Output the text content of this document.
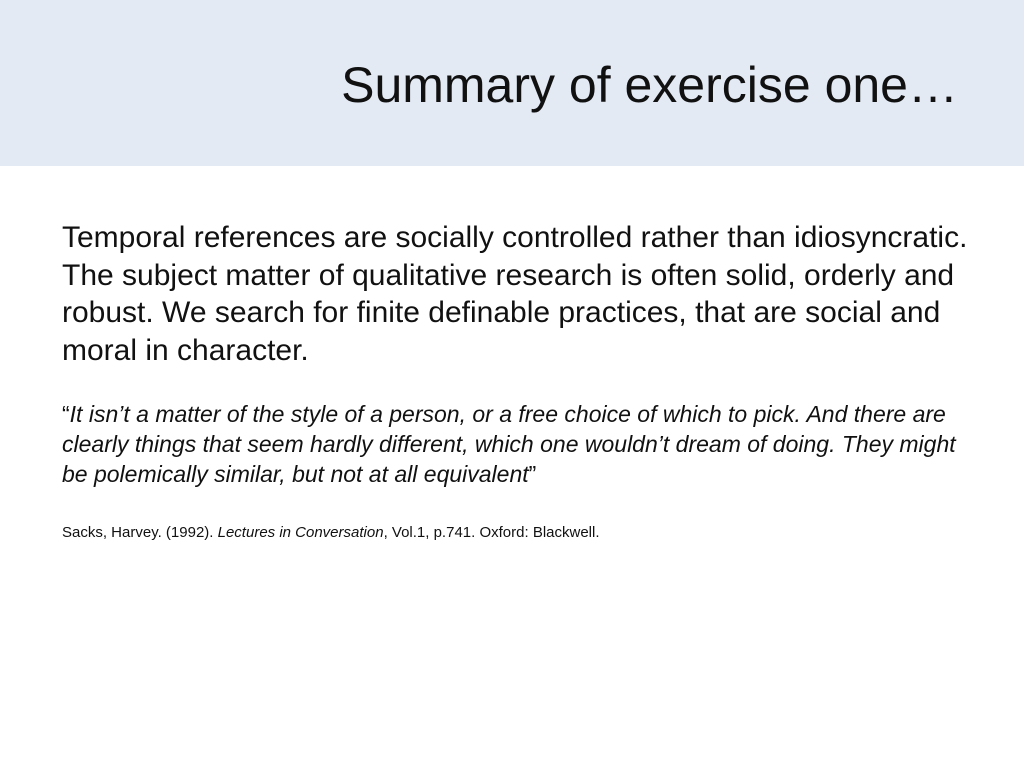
Summary of exercise one…

Temporal references are socially controlled rather than idiosyncratic. The subject matter of qualitative research is often solid, orderly and robust. We search for finite definable practices, that are social and moral in character.

“It isn’t a matter of the style of a person, or a free choice of which to pick. And there are clearly things that seem hardly different, which one wouldn’t dream of doing. They might be polemically similar, but not at all equivalent”

Sacks, Harvey. (1992). Lectures in Conversation, Vol.1, p.741. Oxford: Blackwell.
